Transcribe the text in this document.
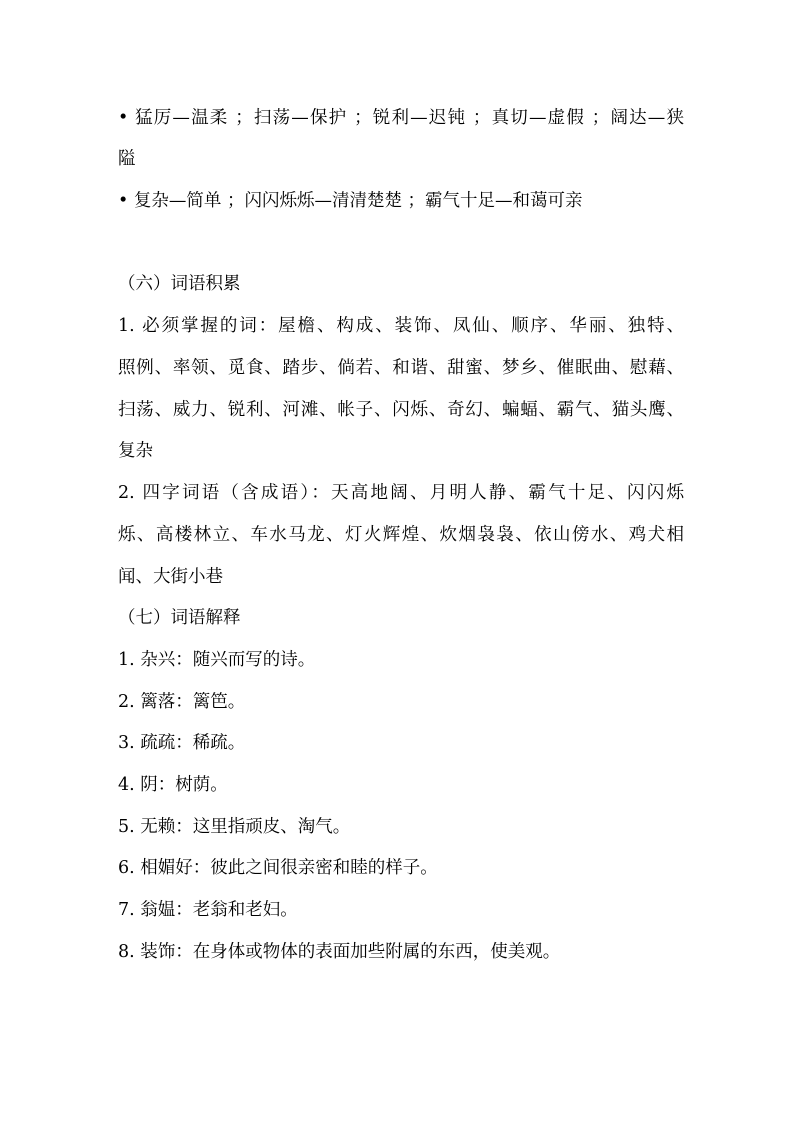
• 猛厉—温柔 ；扫荡—保护 ；锐利—迟钝 ；真切—虚假 ；阔达—狭
隘
• 复杂—简单 ；闪闪烁烁—清清楚楚 ；霸气十足—和蔼可亲
（六）词语积累
1. 必须掌握的词：屋檐、构成、装饰、凤仙、顺序、华丽、独特、
照例、率领、觅食、踏步、倘若、和谐、甜蜜、梦乡、催眠曲、慰藉、
扫荡、威力、锐利、河滩、帐子、闪烁、奇幻、蝙蝠、霸气、猫头鹰、
复杂
2. 四字词语（含成语）：天高地阔、月明人静、霸气十足、闪闪烁
烁、高楼林立、车水马龙、灯火辉煌、炊烟袅袅、依山傍水、鸡犬相
闻、大街小巷
（七）词语解释
1. 杂兴：随兴而写的诗。
2. 篱落：篱笆。
3. 疏疏：稀疏。
4. 阴：树荫。
5. 无赖：这里指顽皮、淘气。
6. 相媚好：彼此之间很亲密和睦的样子。
7. 翁媪：老翁和老妇。
8. 装饰：在身体或物体的表面加些附属的东西，使美观。
